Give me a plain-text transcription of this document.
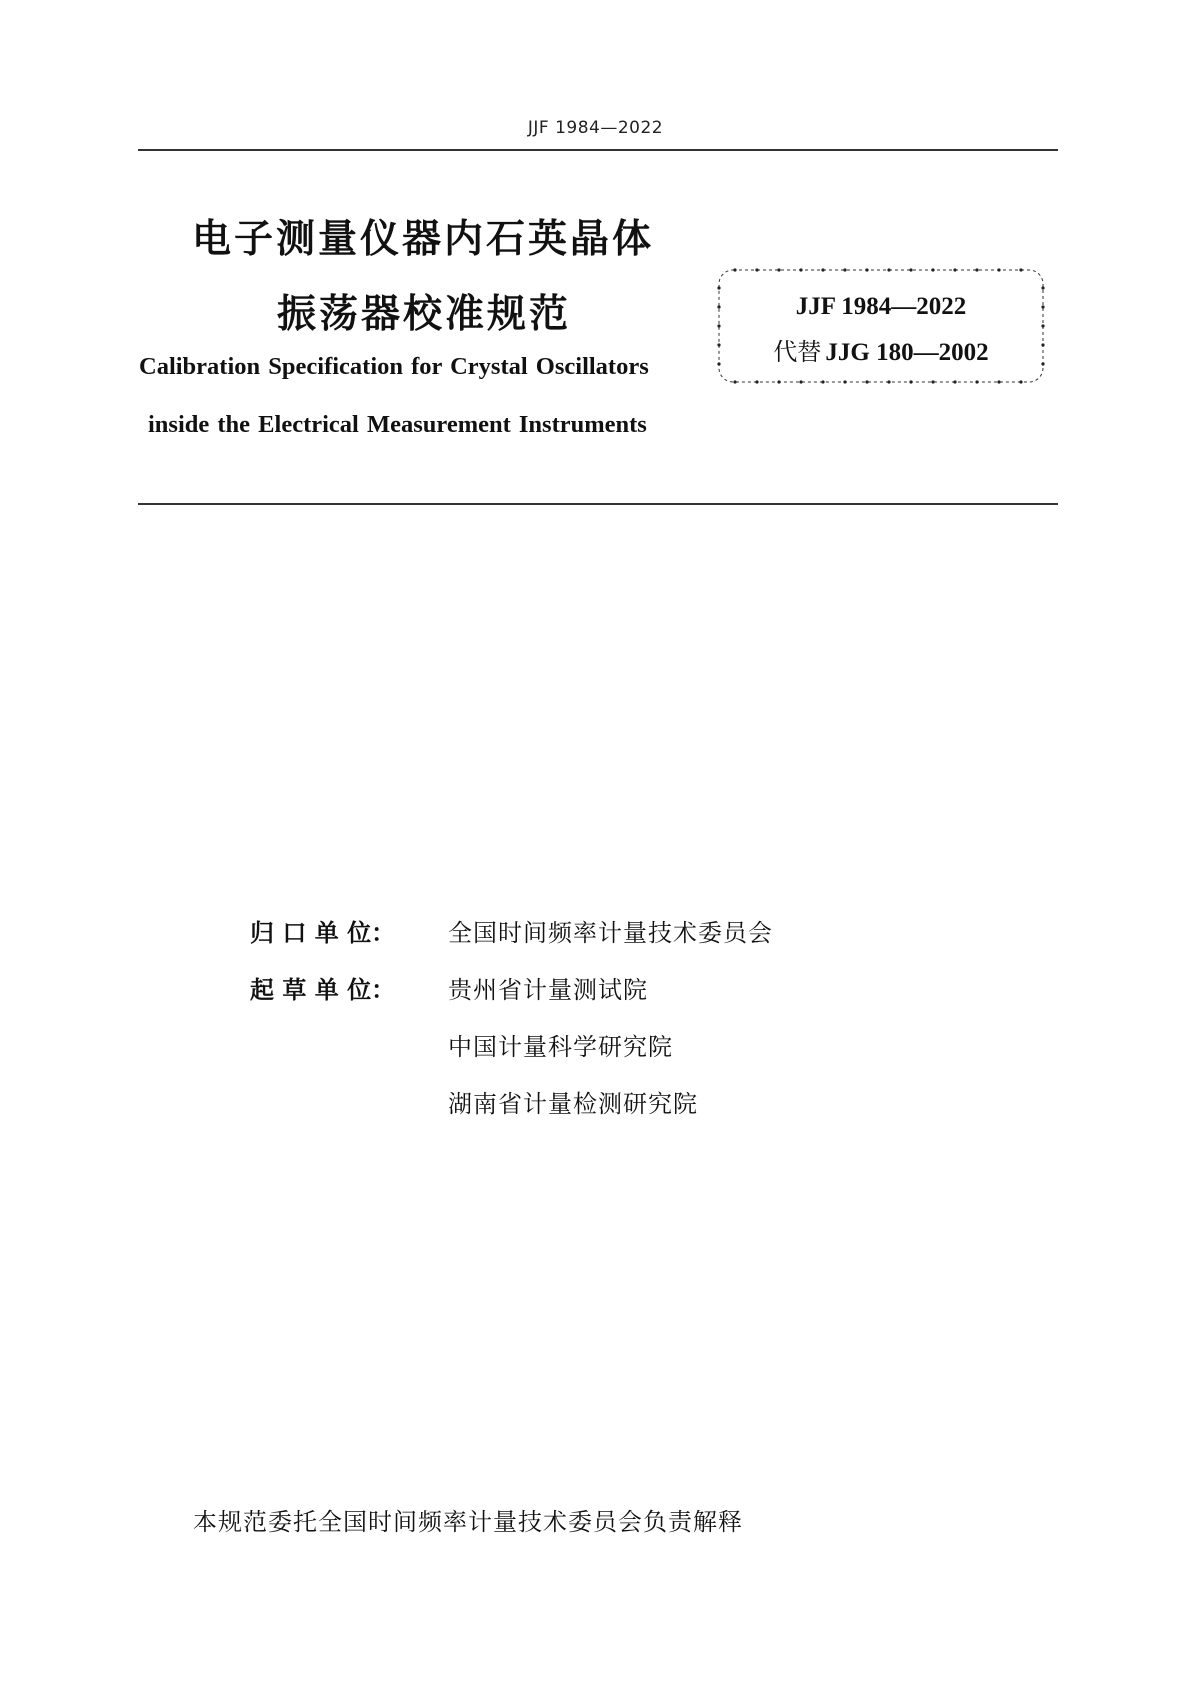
JJF 1984—2022
电子测量仪器内石英晶体
振荡器校准规范
Calibration Specification for Crystal Oscillators
inside the Electrical Measurement Instruments
JJF 1984—2022
代替 JJG 180—2002
归 口 单 位： 全国时间频率计量技术委员会
起 草 单 位： 贵州省计量测试院
中国计量科学研究院
湖南省计量检测研究院
本规范委托全国时间频率计量技术委员会负责解释
